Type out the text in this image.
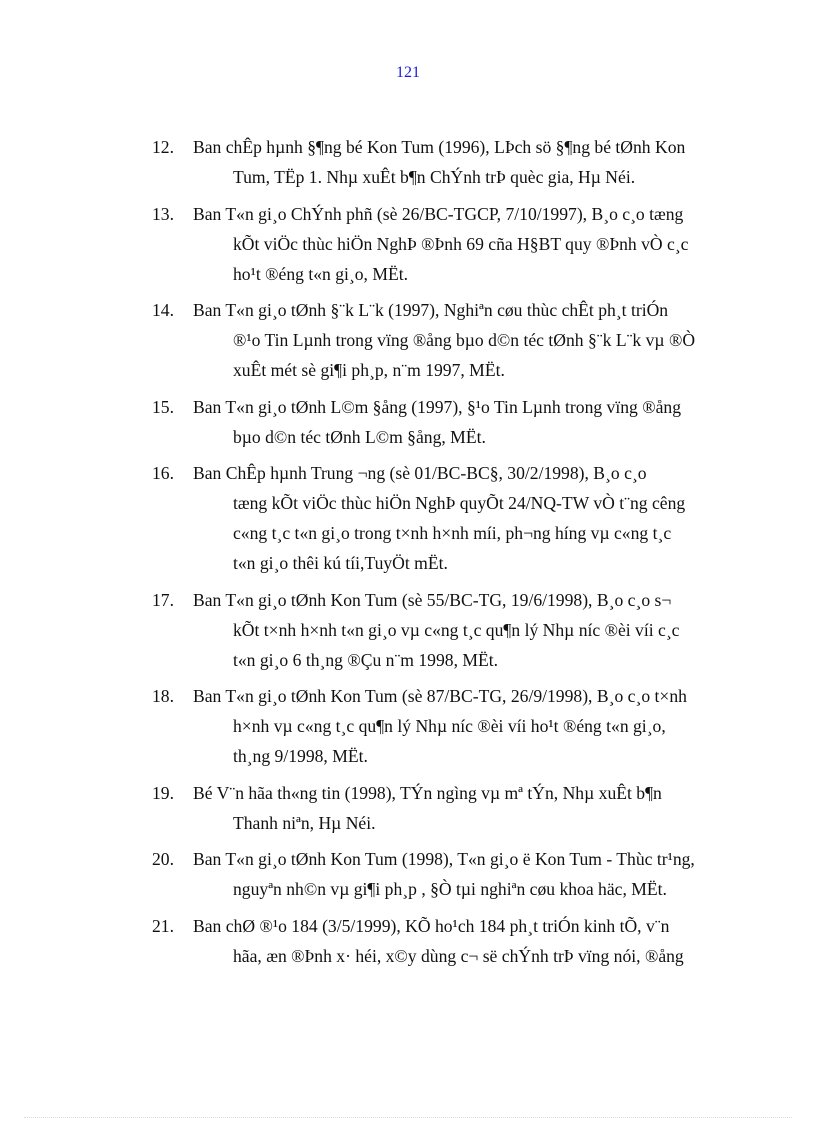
121
12.	Ban chÊp hµnh §¶ng bé Kon Tum (1996), LÞch sö §¶ng bé tØnh Kon
Tum, TËp 1. Nhµ xuÊt b¶n ChÝnh trÞ quèc gia, Hµ Néi.
13.	Ban T«n gi¸o ChÝnh phñ (sè 26/BC-TGCP, 7/10/1997), B¸o c¸o tæng
kÕt viÖc thùc hiÖn NghÞ ®Þnh 69 cña H§BT quy ®Þnh vÒ c¸c
ho¹t ®éng t«n gi¸o, MËt.
14.	Ban T«n gi¸o tØnh §¨k L¨k (1997), Nghiªn cøu thùc chÊt ph¸t triÓn
®¹o Tin Lµnh trong vïng ®ång bµo d©n téc tØnh §¨k L¨k vµ ®Ò
xuÊt mét sè gi¶i ph¸p, n¨m 1997, MËt.
15.	Ban T«n gi¸o tØnh L©m §ång (1997), §¹o Tin Lµnh trong vïng ®ång
bµo d©n téc tØnh L©m §ång, MËt.
16.	Ban ChÊp hµnh Trung ¬ng (sè 01/BC-BC§, 30/2/1998), B¸o c¸o
tæng kÕt viÖc thùc hiÖn NghÞ quyÕt 24/NQ-TW vÒ t¨ng cêng
c«ng t¸c t«n gi¸o trong t×nh h×nh míi, ph¬ng híng vµ c«ng t¸c
t«n gi¸o thêi kú tíi,TuyÖt mËt.
17.	Ban T«n gi¸o tØnh Kon Tum (sè 55/BC-TG, 19/6/1998), B¸o c¸o s¬
kÕt t×nh h×nh t«n gi¸o vµ c«ng t¸c qu¶n lý Nhµ níc ®èi víi c¸c
t«n gi¸o 6 th¸ng ®Çu n¨m 1998, MËt.
18.	Ban T«n gi¸o tØnh Kon Tum (sè 87/BC-TG, 26/9/1998), B¸o c¸o t×nh
h×nh vµ c«ng t¸c qu¶n lý Nhµ níc ®èi víi ho¹t ®éng t«n gi¸o,
th¸ng 9/1998, MËt.
19.	Bé V¨n hãa th«ng tin (1998), TÝn ngìng vµ mª tÝn, Nhµ xuÊt b¶n
Thanh niªn, Hµ Néi.
20.	Ban T«n gi¸o tØnh Kon Tum (1998), T«n gi¸o ë Kon Tum - Thùc tr¹ng,
nguyªn nh©n vµ gi¶i ph¸p , §Ò tµi nghiªn cøu khoa häc, MËt.
21.	Ban chØ ®¹o 184 (3/5/1999), KÕ ho¹ch 184 ph¸t triÓn kinh tÕ, v¨n
hãa, æn ®Þnh x· héi, x©y dùng c¬ së chÝnh trÞ vïng nói, ®ång
